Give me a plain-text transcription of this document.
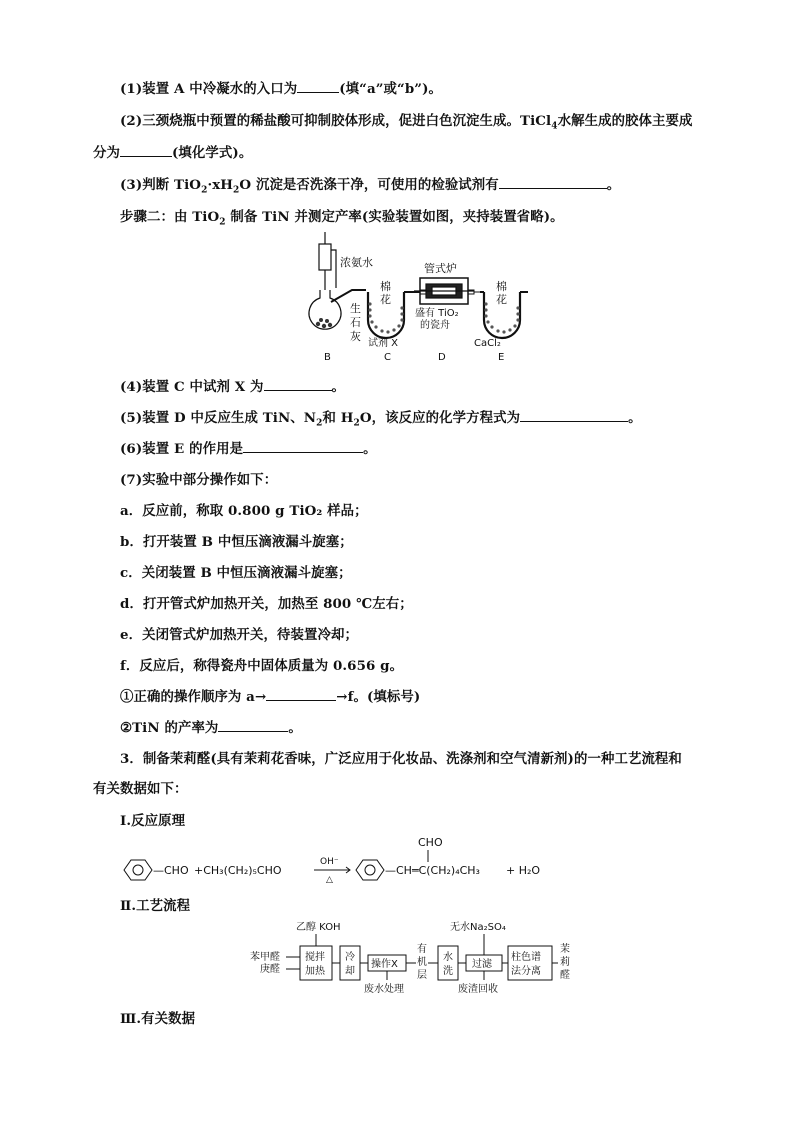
(1)装置 A 中冷凝水的入口为	(填“a”或“b”)。
(2)三颈烧瓶中预置的稀盐酸可抑制胶体形成，促进白色沉淀生成。TiCl$_4$水解生成的胶体主要成
分为	(填化学式)。
(3)判断 $TiO_2\cdot xH_2O$ 沉淀是否洗涤干净，可使用的检验试剂有	。
步骤二：由 TiO$_2$ 制备 TiN 并测定产率(实验装置如图，夹持装置省略)。
浓氨水
生
石
灰
棉
花
棉
花
管式炉
盛有 TiO₂
的瓷舟
试剂 X	CaCl₂
B	C	D	E
(4)装置 C 中试剂 X 为	。
(5)装置 D 中反应生成 TiN、$N_2$和 $H_2O$，该反应的化学方程式为	。
(6)装置 E 的作用是	。
(7)实验中部分操作如下：
a．反应前，称取 0.800 g TiO₂ 样品；
b．打开装置 B 中恒压滴液漏斗旋塞；
c．关闭装置 B 中恒压滴液漏斗旋塞；
d．打开管式炉加热开关，加热至 800 ℃左右；
e．关闭管式炉加热开关，待装置冷却；
f．反应后，称得瓷舟中固体质量为 0.656 g。
①正确的操作顺序为 a→	→f。(填标号)
②TiN 的产率为	。
3．制备茉莉醛(具有茉莉花香味，广泛应用于化妆品、洗涤剂和空气清新剂)的一种工艺流程和
有关数据如下：
Ⅰ.反应原理
—CHO +CH₃(CH₂)₅CHO
OH⁻
△
CHO
—CH═C(CH₂)₄CH₃ + H₂O
Ⅱ.工艺流程
乙醇 KOH	无水Na₂SO₄
苯甲醛
庚醛
搅拌
加热
冷
却
操作X
有
机
层
水
洗
过滤
柱色谱
法分离
茉
莉
醛
废水处理	废渣回收
Ⅲ.有关数据
